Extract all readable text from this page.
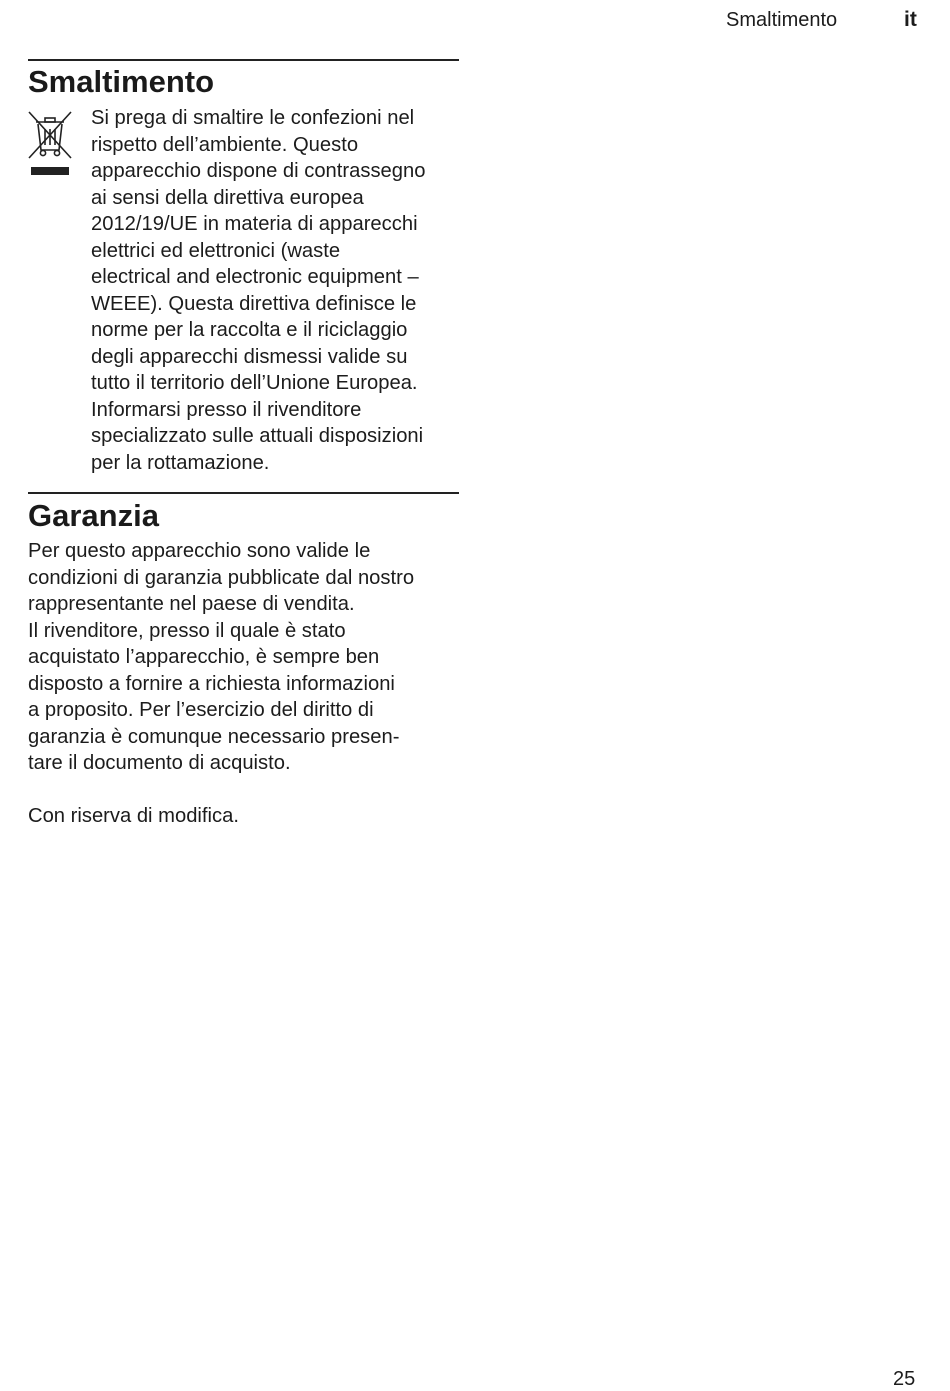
Smaltimento	it
Smaltimento
Si prega di smaltire le confezioni nel
rispetto dell’ambiente. Questo
apparecchio dispone di contrassegno
ai sensi della direttiva europea
2012/19/UE in materia di apparecchi
elettrici ed elettronici (waste
electrical and electronic equipment –
WEEE). Questa direttiva definisce le
norme per la raccolta e il riciclaggio
degli apparecchi dismessi valide su
tutto il territorio dell’Unione Europea.
Informarsi presso il rivenditore
specializzato sulle attuali disposizioni
per la rottamazione.
Garanzia
Per questo apparecchio sono valide le
condizioni di garanzia pubblicate dal nostro
rappresentante nel paese di vendita.
Il rivenditore, presso il quale è stato
acquistato l’apparecchio, è sempre ben
disposto a fornire a richiesta informazioni
a proposito. Per l’esercizio del diritto di
garanzia è comunque necessario presen-
tare il documento di acquisto.
Con riserva di modifica.
25
